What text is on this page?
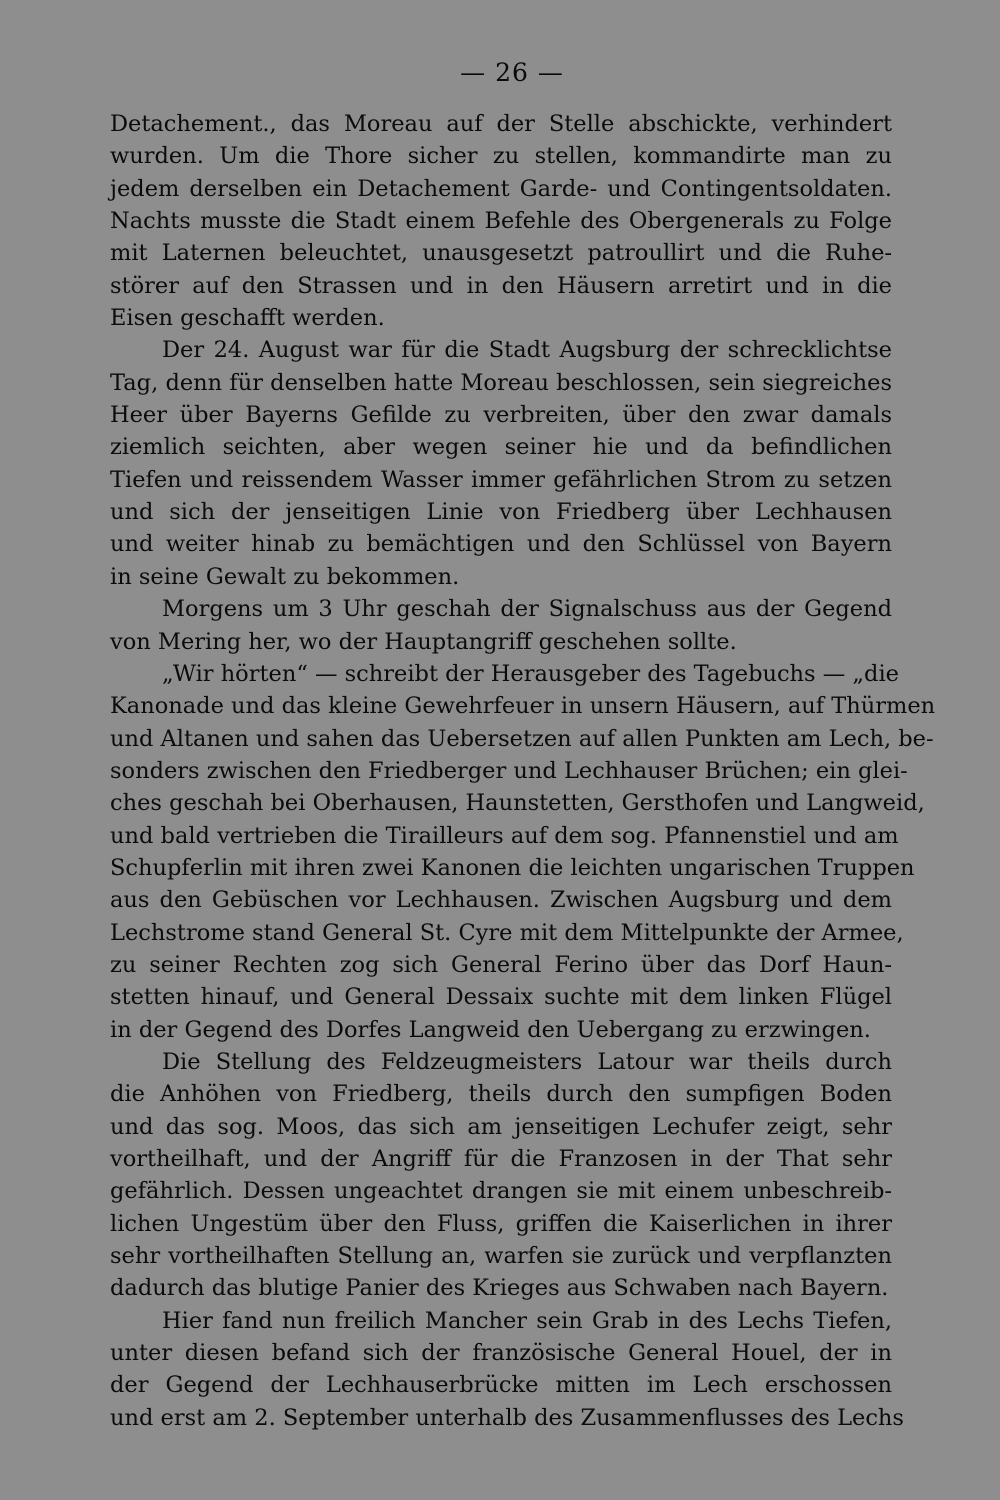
— 26 —
Detachement., das Moreau auf der Stelle abschickte, verhindert
wurden. Um die Thore sicher zu stellen, kommandirte man zu
jedem derselben ein Detachement Garde- und Contingentsoldaten.
Nachts musste die Stadt einem Befehle des Obergenerals zu Folge
mit Laternen beleuchtet, unausgesetzt patroullirt und die Ruhe-
störer auf den Strassen und in den Häusern arretirt und in die
Eisen geschafft werden.
Der 24. August war für die Stadt Augsburg der schrecklichtse
Tag, denn für denselben hatte Moreau beschlossen, sein siegreiches
Heer über Bayerns Gefilde zu verbreiten, über den zwar damals
ziemlich seichten, aber wegen seiner hie und da befindlichen
Tiefen und reissendem Wasser immer gefährlichen Strom zu setzen
und sich der jenseitigen Linie von Friedberg über Lechhausen
und weiter hinab zu bemächtigen und den Schlüssel von Bayern
in seine Gewalt zu bekommen.
Morgens um 3 Uhr geschah der Signalschuss aus der Gegend
von Mering her, wo der Hauptangriff geschehen sollte.
„Wir hörten“ — schreibt der Herausgeber des Tagebuchs — „die
Kanonade und das kleine Gewehrfeuer in unsern Häusern, auf Thürmen
und Altanen und sahen das Uebersetzen auf allen Punkten am Lech, be-
sonders zwischen den Friedberger und Lechhauser Brüchen; ein glei-
ches geschah bei Oberhausen, Haunstetten, Gersthofen und Langweid,
und bald vertrieben die Tirailleurs auf dem sog. Pfannenstiel und am
Schupferlin mit ihren zwei Kanonen die leichten ungarischen Truppen
aus den Gebüschen vor Lechhausen. Zwischen Augsburg und dem
Lechstrome stand General St. Cyre mit dem Mittelpunkte der Armee,
zu seiner Rechten zog sich General Ferino über das Dorf Haun-
stetten hinauf, und General Dessaix suchte mit dem linken Flügel
in der Gegend des Dorfes Langweid den Uebergang zu erzwingen.
Die Stellung des Feldzeugmeisters Latour war theils durch
die Anhöhen von Friedberg, theils durch den sumpfigen Boden
und das sog. Moos, das sich am jenseitigen Lechufer zeigt, sehr
vortheilhaft, und der Angriff für die Franzosen in der That sehr
gefährlich. Dessen ungeachtet drangen sie mit einem unbeschreib-
lichen Ungestüm über den Fluss, griffen die Kaiserlichen in ihrer
sehr vortheilhaften Stellung an, warfen sie zurück und verpflanzten
dadurch das blutige Panier des Krieges aus Schwaben nach Bayern.
Hier fand nun freilich Mancher sein Grab in des Lechs Tiefen,
unter diesen befand sich der französische General Houel, der in
der Gegend der Lechhauserbrücke mitten im Lech erschossen
und erst am 2. September unterhalb des Zusammenflusses des Lechs
